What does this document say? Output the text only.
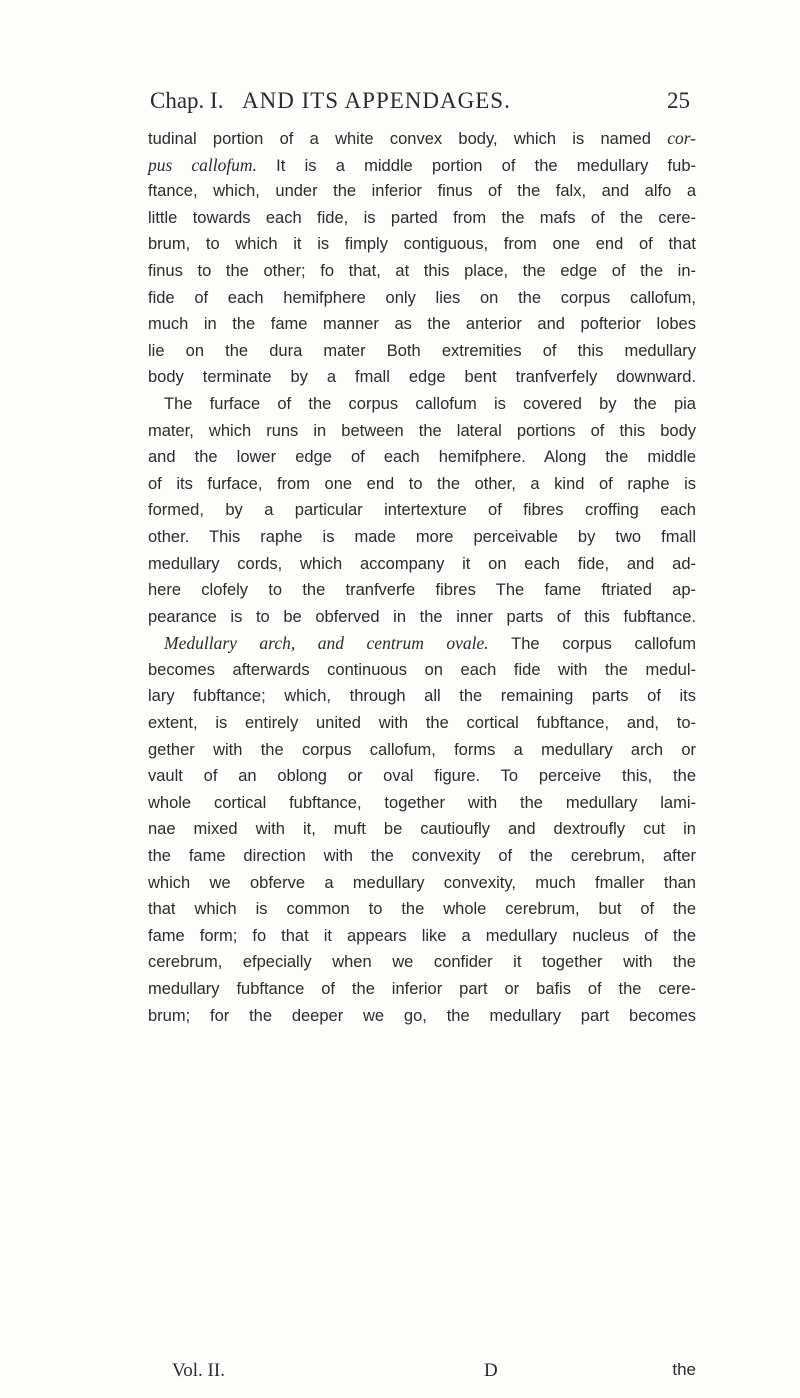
Chap. I. AND ITS APPENDAGES.	25
tudinal portion of a white convex body, which is named cor-
pus callofum. It is a middle portion of the medullary fub-
ftance, which, under the inferior finus of the falx, and alfo a
little towards each fide, is parted from the mafs of the cere-
brum, to which it is fimply contiguous, from one end of that
finus to the other; fo that, at this place, the edge of the in-
fide of each hemifphere only lies on the corpus callofum,
much in the fame manner as the anterior and pofterior lobes
lie on the dura mater Both extremities of this medullary
body terminate by a fmall edge bent tranfverfely downward.
The furface of the corpus callofum is covered by the pia
mater, which runs in between the lateral portions of this body
and the lower edge of each hemifphere. Along the middle
of its furface, from one end to the other, a kind of raphe is
formed, by a particular intertexture of fibres croffing each
other. This raphe is made more perceivable by two fmall
medullary cords, which accompany it on each fide, and ad-
here clofely to the tranfverfe fibres The fame ftriated ap-
pearance is to be obferved in the inner parts of this fubftance.
Medullary arch, and centrum ovale. The corpus callofum
becomes afterwards continuous on each fide with the medul-
lary fubftance; which, through all the remaining parts of its
extent, is entirely united with the cortical fubftance, and, to-
gether with the corpus callofum, forms a medullary arch or
vault of an oblong or oval figure. To perceive this, the
whole cortical fubftance, together with the medullary lami-
nae mixed with it, muft be cautioufly and dextroufly cut in
the fame direction with the convexity of the cerebrum, after
which we obferve a medullary convexity, much fmaller than
that which is common to the whole cerebrum, but of the
fame form; fo that it appears like a medullary nucleus of the
cerebrum, efpecially when we confider it together with the
medullary fubftance of the inferior part or bafis of the cere-
brum; for the deeper we go, the medullary part becomes
Vol. II.	D	the
